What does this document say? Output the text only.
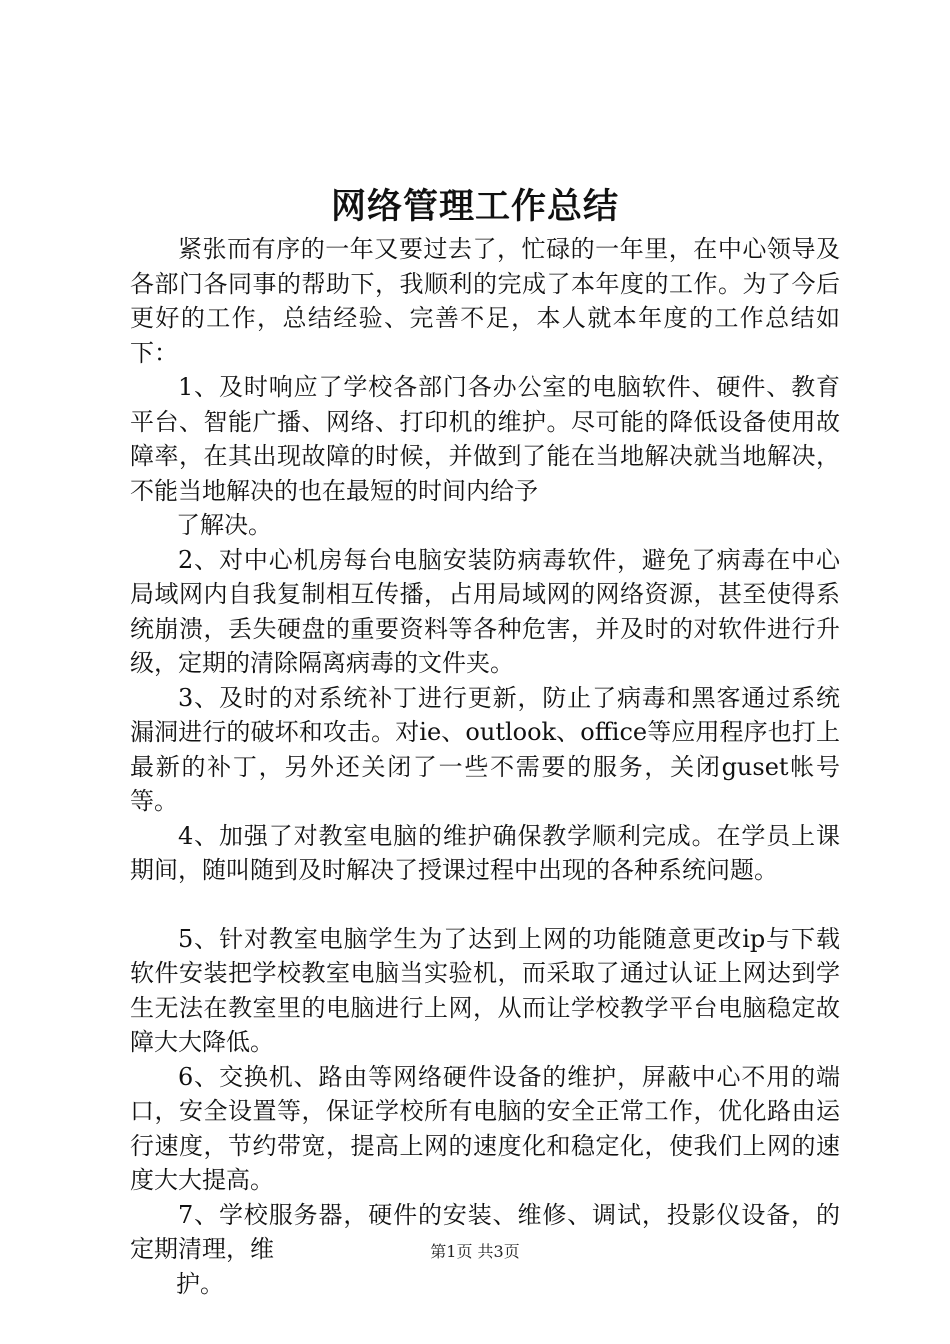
网络管理工作总结

紧张而有序的一年又要过去了，忙碌的一年里，在中心领导及各部门各同事的帮助下，我顺利的完成了本年度的工作。为了今后更好的工作，总结经验、完善不足，本人就本年度的工作总结如下：

1、及时响应了学校各部门各办公室的电脑软件、硬件、教育平台、智能广播、网络、打印机的维护。尽可能的降低设备使用故障率，在其出现故障的时候，并做到了能在当地解决就当地解决，不能当地解决的也在最短的时间内给予

了解决。

2、对中心机房每台电脑安装防病毒软件，避免了病毒在中心局域网内自我复制相互传播，占用局域网的网络资源，甚至使得系统崩溃，丢失硬盘的重要资料等各种危害，并及时的对软件进行升级，定期的清除隔离病毒的文件夹。

3、及时的对系统补丁进行更新，防止了病毒和黑客通过系统漏洞进行的破坏和攻击。对ie、outlook、office等应用程序也打上最新的补丁，另外还关闭了一些不需要的服务，关闭guset帐号等。

4、加强了对教室电脑的维护确保教学顺利完成。在学员上课期间，随叫随到及时解决了授课过程中出现的各种系统问题。

5、针对教室电脑学生为了达到上网的功能随意更改ip与下载软件安装把学校教室电脑当实验机，而采取了通过认证上网达到学生无法在教室里的电脑进行上网，从而让学校教学平台电脑稳定故障大大降低。

6、交换机、路由等网络硬件设备的维护，屏蔽中心不用的端口，安全设置等，保证学校所有电脑的安全正常工作，优化路由运行速度，节约带宽，提高上网的速度化和稳定化，使我们上网的速度大大提高。

7、学校服务器，硬件的安装、维修、调试，投影仪设备，的定期清理，维

护。

第1页 共3页
